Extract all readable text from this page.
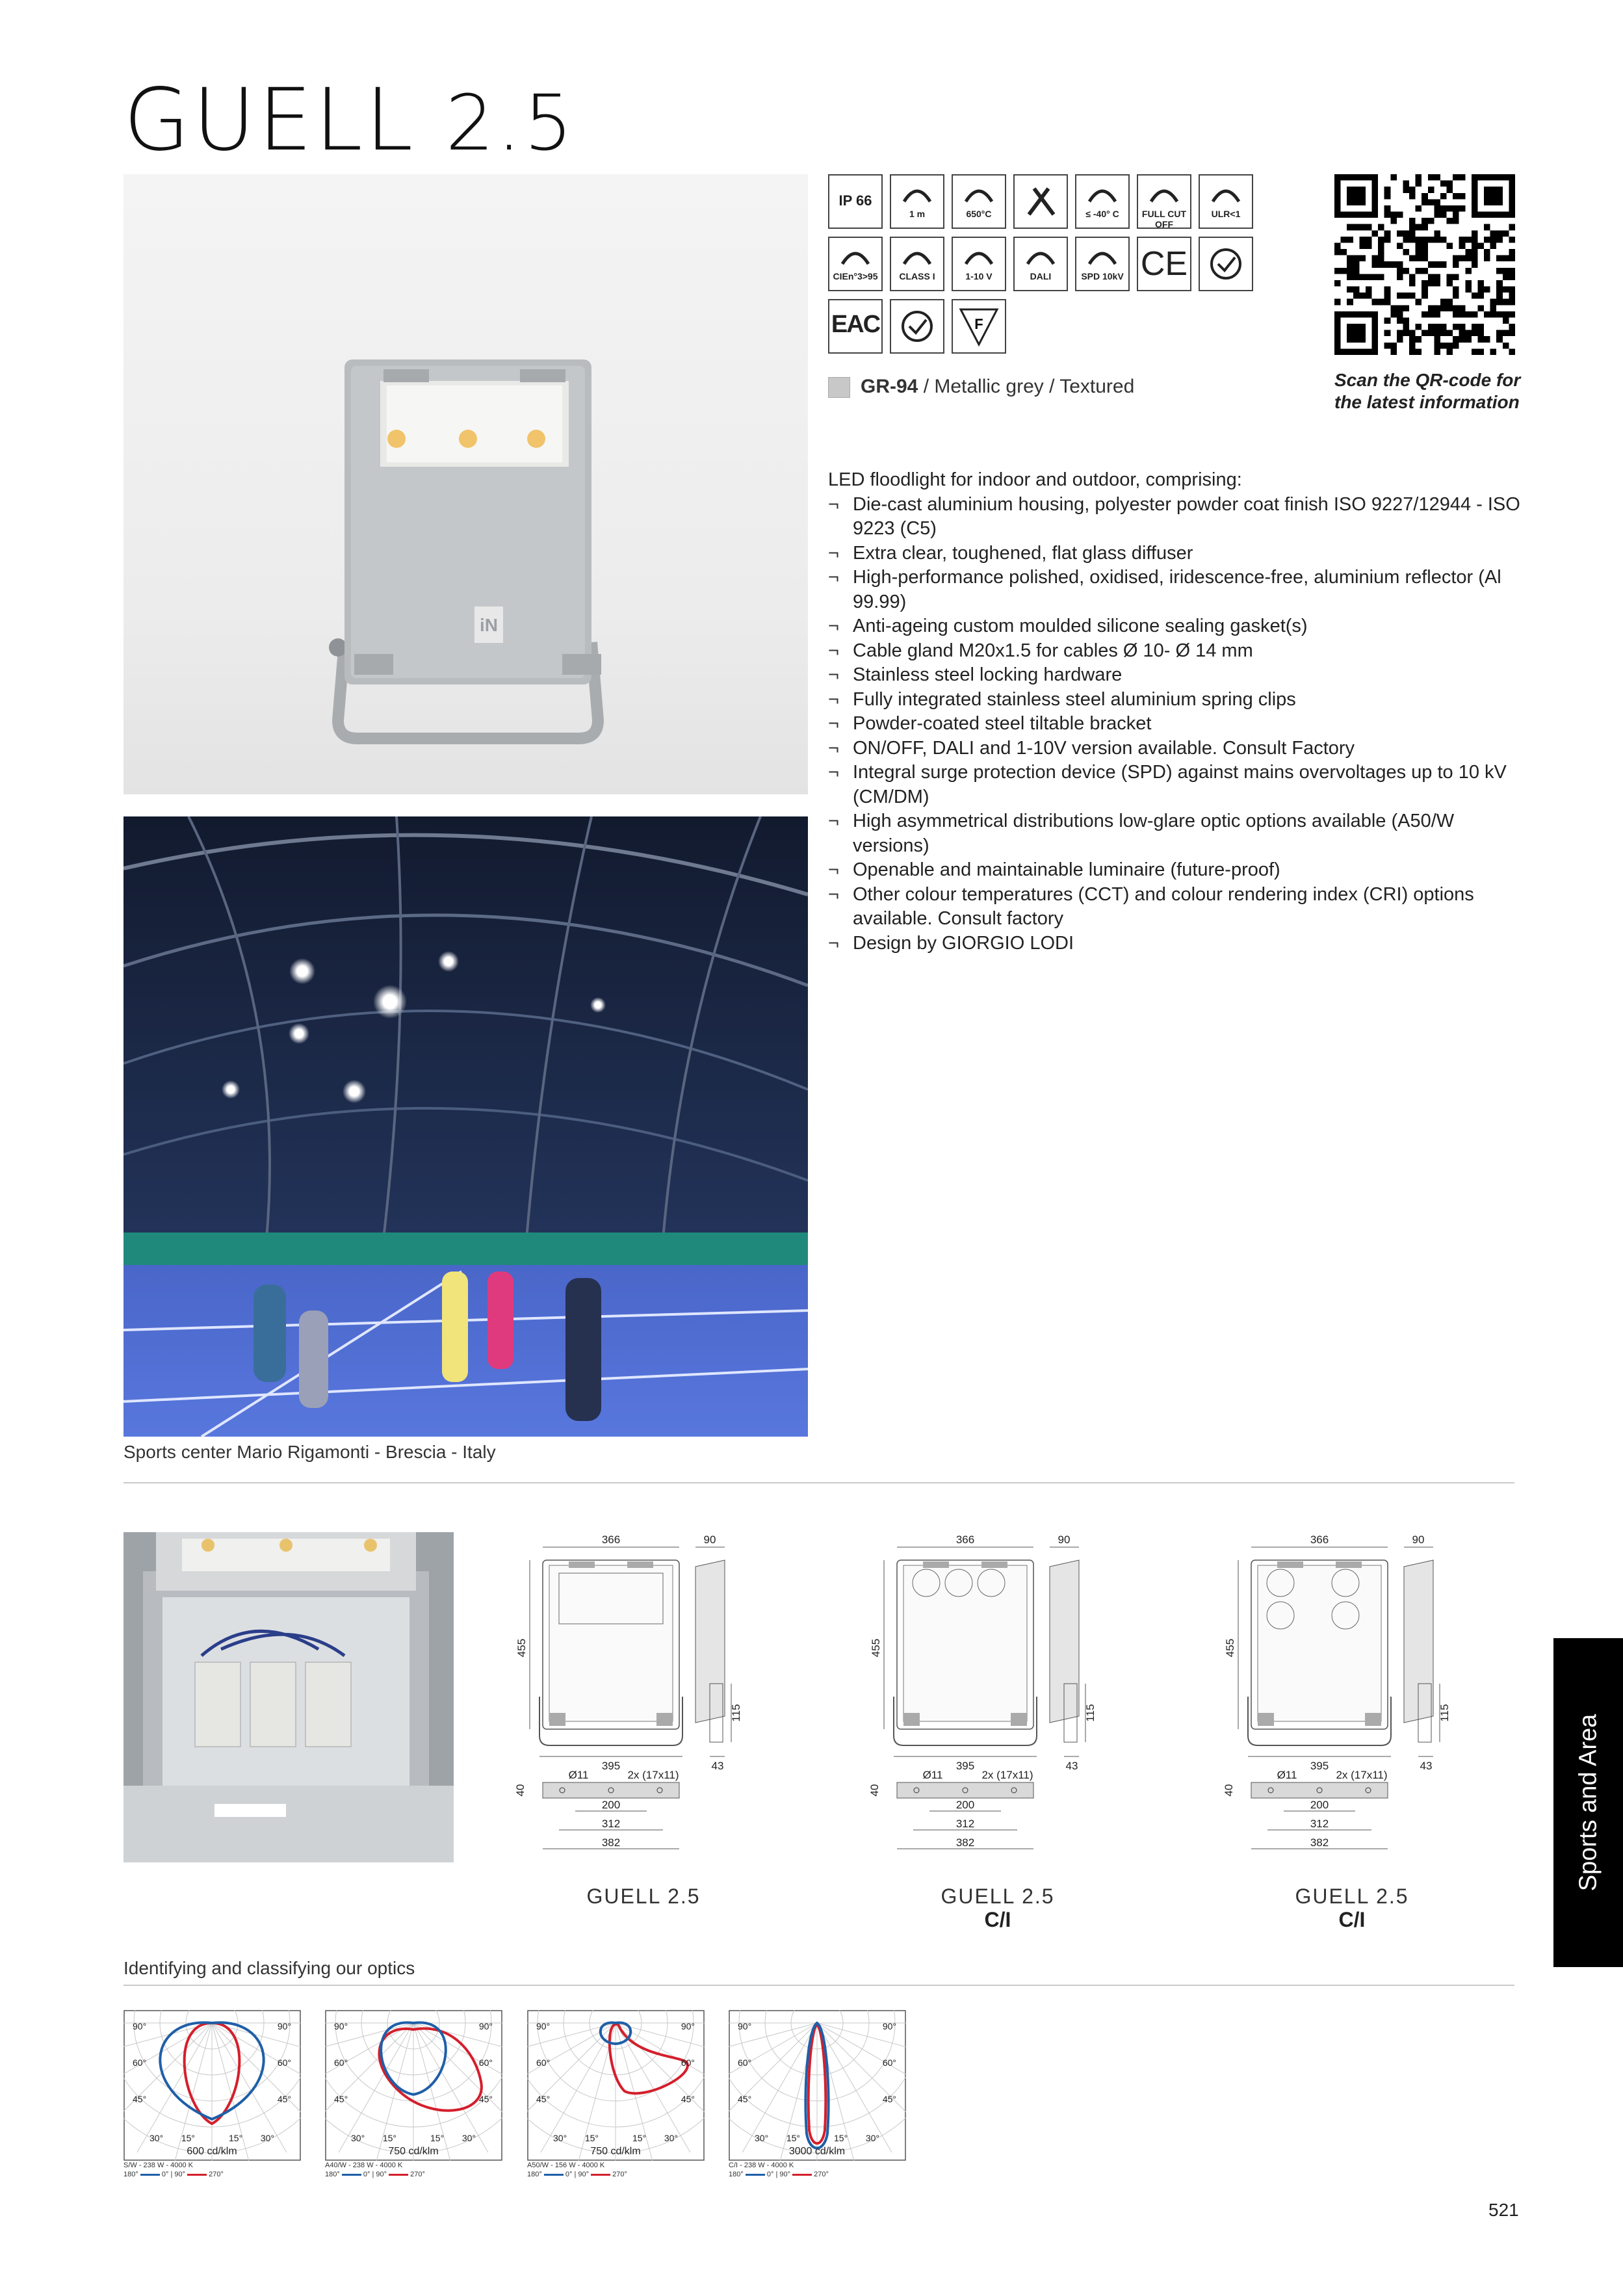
GUELL 2.5
iN
IP 66
1 m	650°C	≤ -40° C	FULL CUT OFF
ULR<1
CIEn°3>95	CLASS I	1-10 V	DALI	SPD 10kV CE
EAC	F
Scan the QR-code for the latest information
GR-94 / Metallic grey / Textured
LED floodlight for indoor and outdoor, comprising:
¬ Die-cast aluminium housing, polyester powder coat finish ISO 9227/12944 - ISO 9223 (C5)
¬ Extra clear, toughened, flat glass diffuser
¬ High-performance polished, oxidised, iridescence-free, aluminium reflector (Al 99.99)
¬ Anti-ageing custom moulded silicone sealing gasket(s)
¬ Cable gland M20x1.5 for cables Ø 10- Ø 14 mm
¬ Stainless steel locking hardware
¬ Fully integrated stainless steel aluminium spring clips
¬ Powder-coated steel tiltable bracket
¬ ON/OFF, DALI and 1-10V version available. Consult Factory
¬ Integral surge protection device (SPD) against mains overvoltages up to 10 kV (CM/DM)
¬ High asymmetrical distributions low-glare optic options available (A50/W versions)
¬ Openable and maintainable luminaire (future-proof)
¬ Other colour temperatures (CCT) and colour rendering index (CRI) options available. Consult factory
¬ Design by GIORGIO LODI
Sports center Mario Rigamonti - Brescia - Italy
366
455
395
90
115
43
Ø11	2x (17x11)
40
200
312
382
GUELL 2.5
366
455
395
90
115
43
Ø11	2x (17x11)
40
200
312
382
GUELL 2.5
C/I
366
455
395
90
115
43
Ø11	2x (17x11)
40
200
312
382
GUELL 2.5
C/I
Sports and Area
Identifying and classifying our optics
90°	90°
60°	60°
45°	45°
30°	30°
15°	15°
600 cd/klm
S/W - 238 W - 4000 K
180°	0° | 90°	270°
90°	90°
60°	60°
45°	45°
30°	30°
15°	15°
750 cd/klm
A40/W - 238 W - 4000 K
180°	0° | 90°	270°
90°	90°
60°	60°
45°	45°
30°	30°
15°	15°
750 cd/klm
A50/W - 156 W - 4000 K
180°	0° | 90°	270°
90°	90°
60°	60°
45°	45°
30°	30°
15°	15°
3000 cd/klm
C/I - 238 W - 4000 K
180°	0° | 90°	270°
521
